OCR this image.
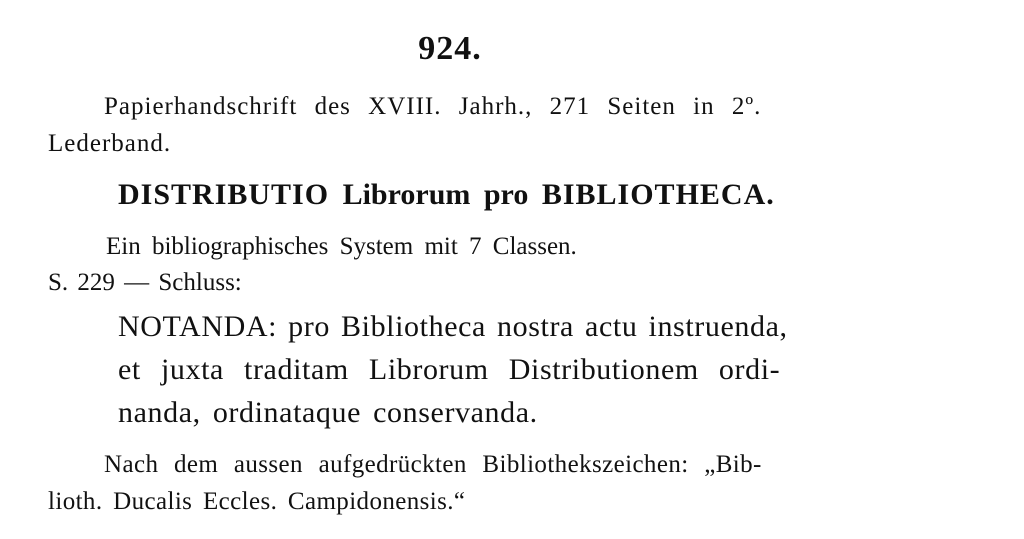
924.
Papierhandschrift des XVIII. Jahrh., 271 Seiten in 2º.
Lederband.
DISTRIBUTIO Librorum pro BIBLIOTHECA.
Ein bibliographisches System mit 7 Classen.
S. 229 — Schluss:
NOTANDA: pro Bibliotheca nostra actu instruenda,
et juxta traditam Librorum Distributionem ordi-
nanda, ordinataque conservanda.
Nach dem aussen aufgedrückten Bibliothekszeichen: „Bib-
lioth. Ducalis Eccles. Campidonensis.“
